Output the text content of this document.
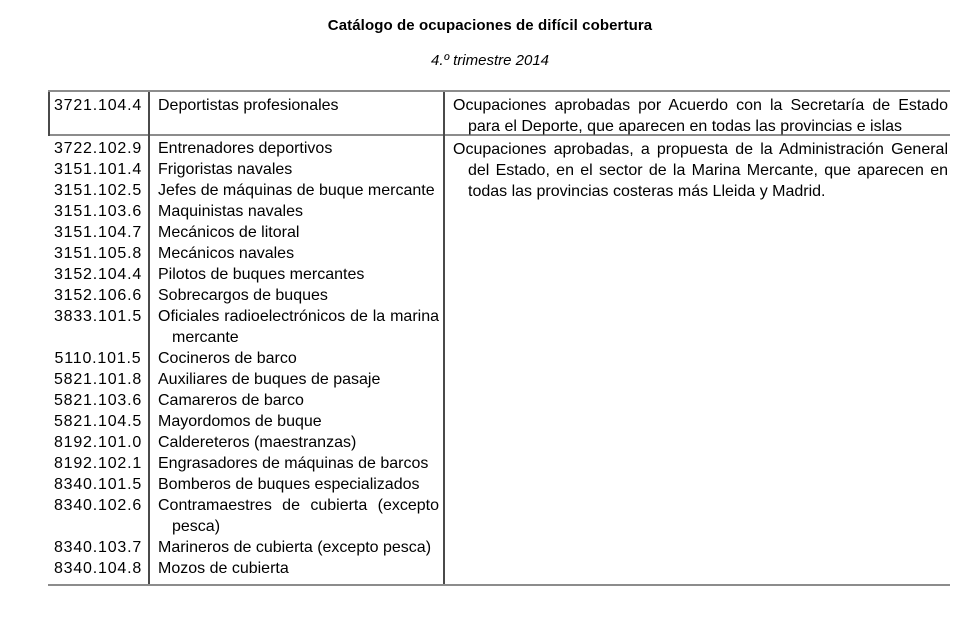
Catálogo de ocupaciones de difícil cobertura
4.º trimestre 2014
3721.104.4 Deportistas profesionales	Ocupaciones aprobadas por Acuerdo con la Secretaría de Estado
para el Deporte, que aparecen en todas las provincias e islas
3722.102.9 Entrenadores deportivos
3151.101.4 Frigoristas navales
3151.102.5 Jefes de máquinas de buque mercante
3151.103.6 Maquinistas navales
3151.104.7 Mecánicos de litoral
3151.105.8 Mecánicos navales
3152.104.4 Pilotos de buques mercantes
3152.106.6 Sobrecargos de buques
3833.101.5 Oficiales radioelectrónicos de la marina
mercante
5110.101.5	Cocineros de barco
5821.101.8 Auxiliares de buques de pasaje
5821.103.6 Camareros de barco
5821.104.5 Mayordomos de buque
8192.101.0 Caldereteros (maestranzas)
8192.102.1 Engrasadores de máquinas de barcos
8340.101.5 Bomberos de buques especializados
8340.102.6 Contramaestres de cubierta (excepto
pesca)
8340.103.7 Marineros de cubierta (excepto pesca)
8340.104.8 Mozos de cubierta
Ocupaciones aprobadas, a propuesta de la Administración General
del Estado, en el sector de la Marina Mercante, que aparecen en
todas las provincias costeras más Lleida y Madrid.
